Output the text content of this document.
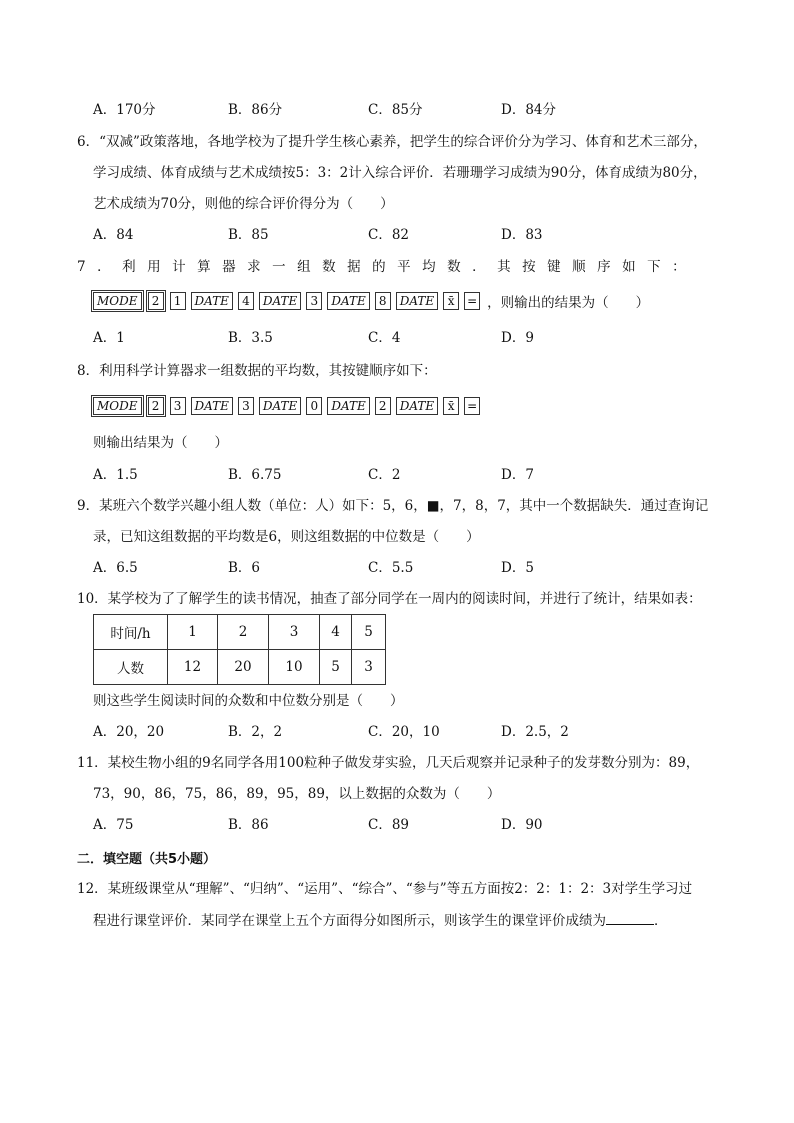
A．170分	B．86分	C．85分	D．84分
6．“双减”政策落地，各地学校为了提升学生核心素养，把学生的综合评价分为学习、体育和艺术三部分，
学习成绩、体育成绩与艺术成绩按5：3：2计入综合评价．若珊珊学习成绩为90分，体育成绩为80分，
艺术成绩为70分，则他的综合评价得分为（　　）
A．84	B．85	C．82	D．83
7．利用计算器求一组数据的平均数．其按键顺序如下：
MODE	2	1	DATE	4	DATE	3	DATE	8	DATE	x̄	= ，则输出的结果为（　　）
A．1	B．3.5	C．4	D．9
8．利用科学计算器求一组数据的平均数，其按键顺序如下：
MODE	2	3	DATE	3	DATE	0	DATE	2	DATE	x̄	=
则输出结果为（　　）
A．1.5	B．6.75	C．2	D．7
9．某班六个数学兴趣小组人数（单位：人）如下：5，6，■，7，8，7，其中一个数据缺失．通过查询记
录，已知这组数据的平均数是6，则这组数据的中位数是（　　）
A．6.5	B．6	C．5.5	D．5
10．某学校为了了解学生的读书情况，抽查了部分同学在一周内的阅读时间，并进行了统计，结果如表：
时间/h	1	2	3	4	5
人数	12	20	10	5	3
则这些学生阅读时间的众数和中位数分别是（　　）
A．20，20	B．2，2	C．20，10	D．2.5，2
11．某校生物小组的9名同学各用100粒种子做发芽实验，几天后观察并记录种子的发芽数分别为：89，
73，90，86，75，86，89，95，89，以上数据的众数为（　　）
A．75	B．86	C．89	D．90
二．填空题（共5小题）
12．某班级课堂从“理解”、“归纳”、“运用”、“综合”、“参与”等五方面按2：2：1：2：3对学生学习过
程进行课堂评价．某同学在课堂上五个方面得分如图所示，则该学生的课堂评价成绩为	．
